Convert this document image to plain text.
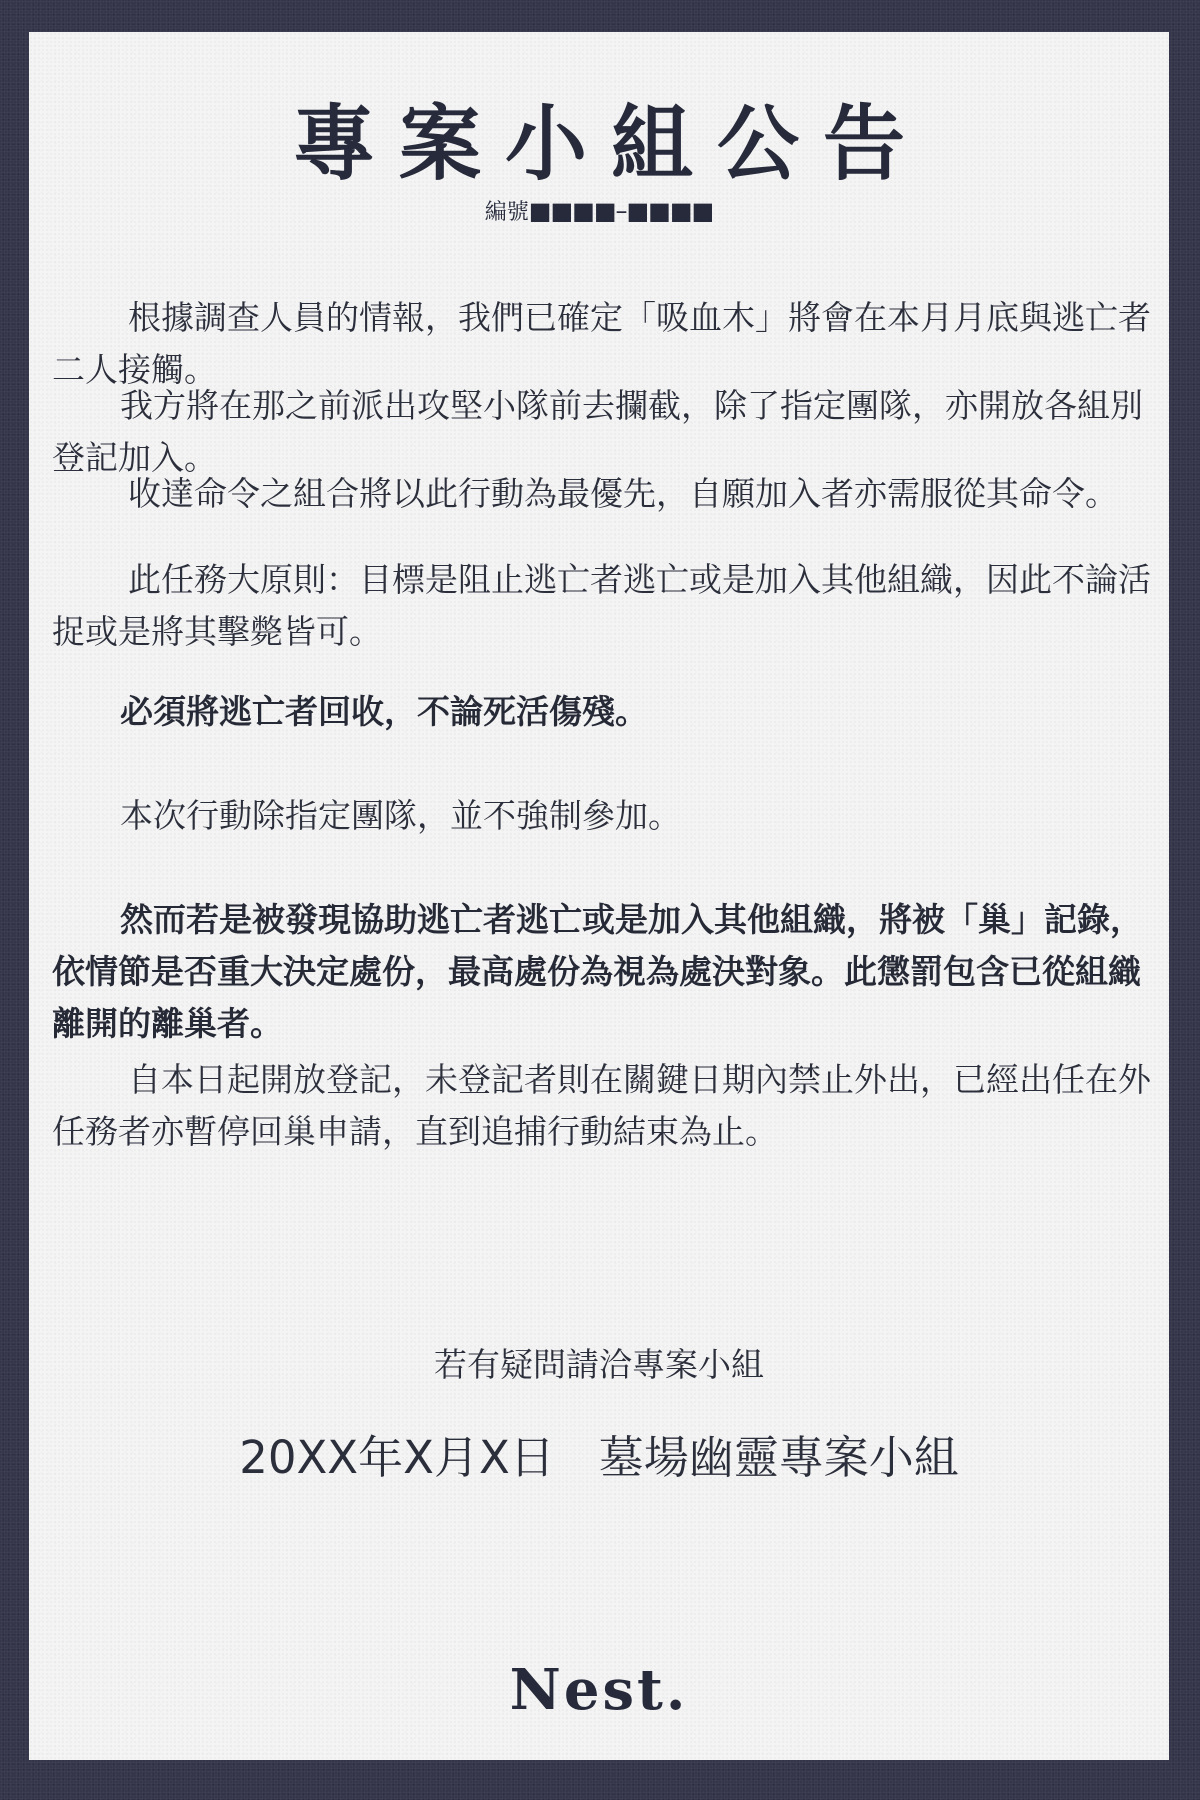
專案小組公告
編號■■■■–■■■■

根據調查人員的情報，我們已確定「吸血木」將會在本月月底與逃亡者二人接觸。

我方將在那之前派出攻堅小隊前去攔截，除了指定團隊，亦開放各組別登記加入。

收達命令之組合將以此行動為最優先，自願加入者亦需服從其命令。

此任務大原則：目標是阻止逃亡者逃亡或是加入其他組織，因此不論活捉或是將其擊斃皆可。

必須將逃亡者回收，不論死活傷殘。

本次行動除指定團隊，並不強制參加。

然而若是被發現協助逃亡者逃亡或是加入其他組織，將被「巢」記錄，依情節是否重大決定處份，最高處份為視為處決對象。此懲罰包含已從組織離開的離巢者。

自本日起開放登記，未登記者則在關鍵日期內禁止外出，已經出任在外任務者亦暫停回巢申請，直到追捕行動結束為止。

若有疑問請洽專案小組
20XX年X月X日 墓場幽靈專案小組
Nest.
